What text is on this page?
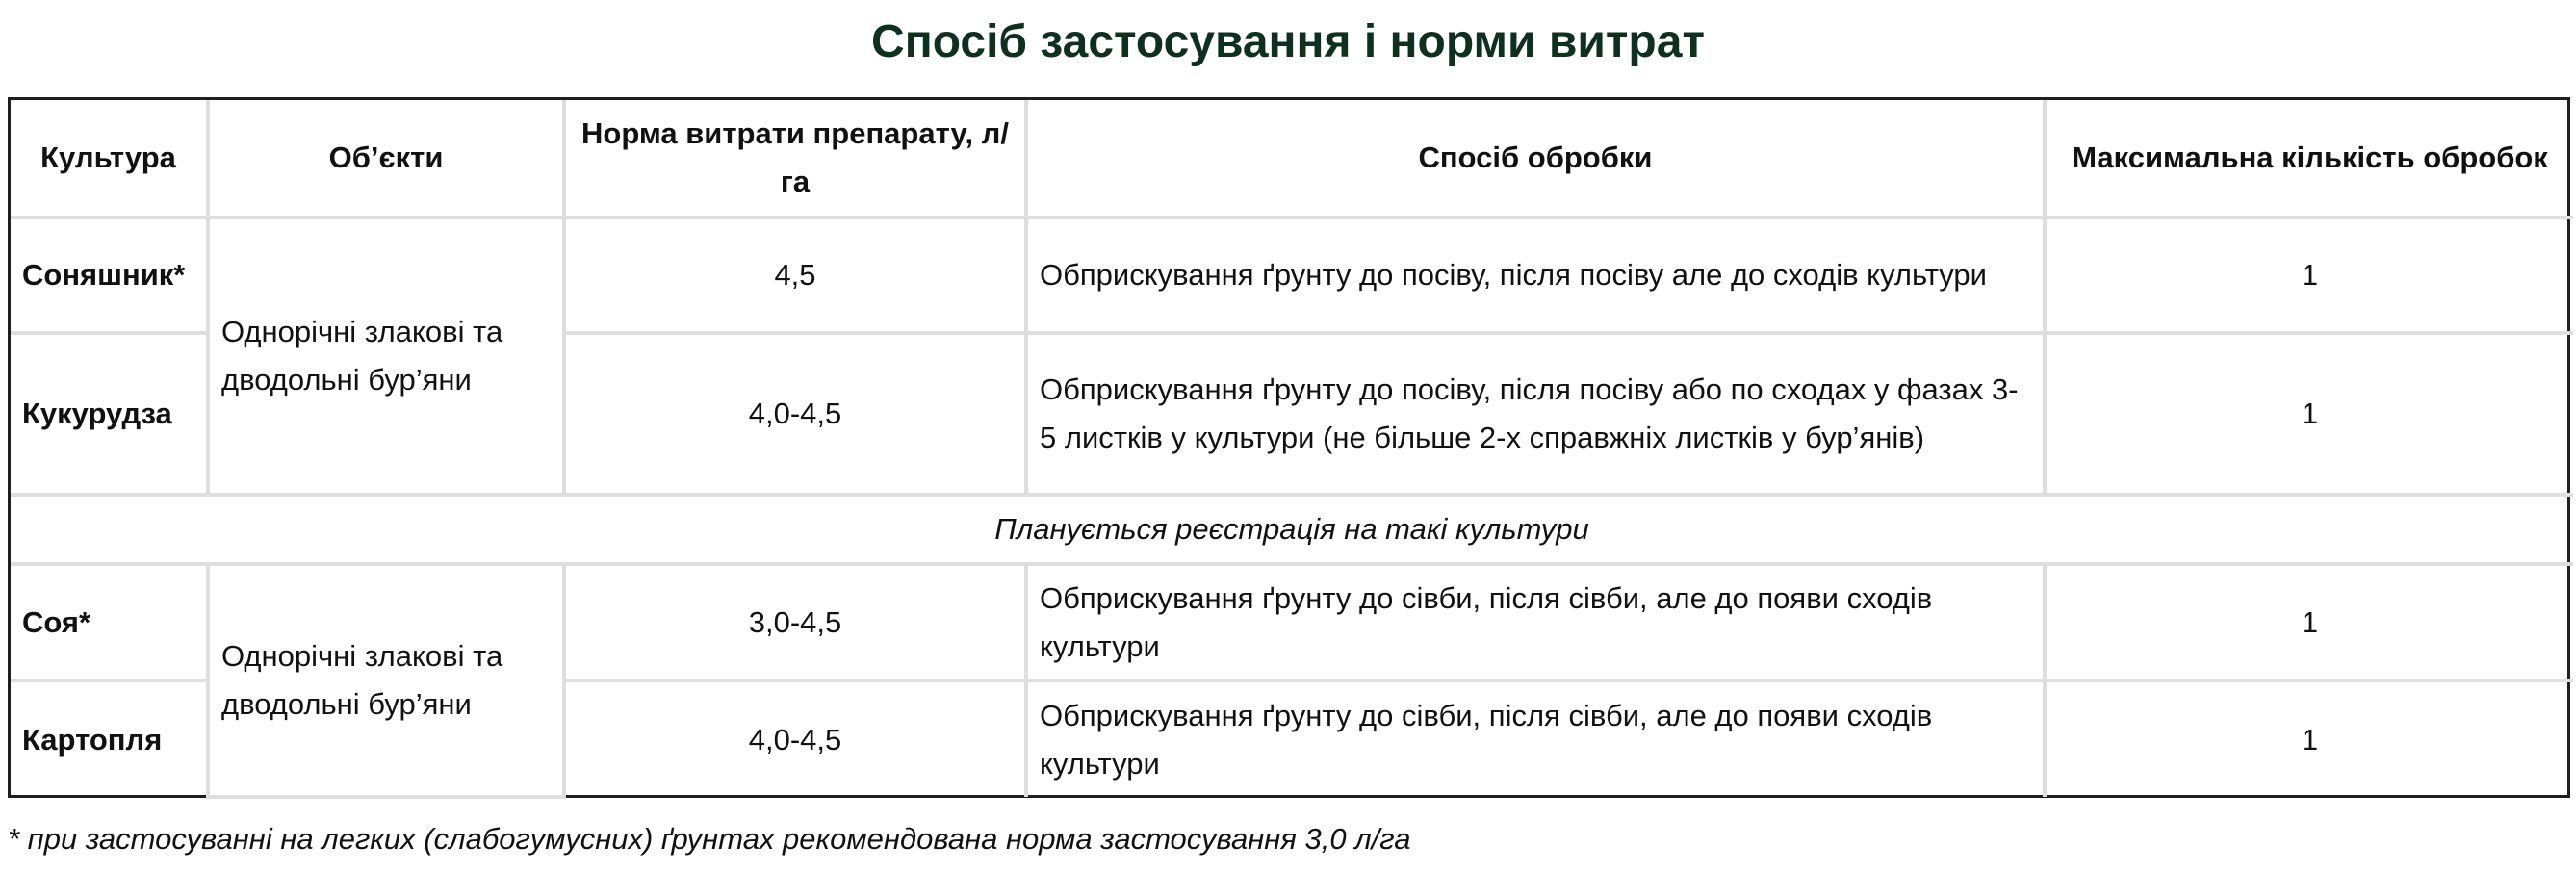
Спосіб застосування і норми витрат
Культура	Об’єкти	Норма витрати препарату, л/га	Спосіб обробки	Максимальна кількість обробок
Соняшник*	Однорічні злакові та дводольні бур’яни	4,5	Обприскування ґрунту до посіву, після посіву але до сходів культури	1
Кукурудза		4,0-4,5	Обприскування ґрунту до посіву, після посіву або по сходах у фазах 3-5 листків у культури (не більше 2-х справжніх листків у бур’янів)	1
Планується реєстрація на такі культури				
Соя*	Однорічні злакові та дводольні бур’яни	3,0-4,5	Обприскування ґрунту до сівби, після сівби, але до появи сходів культури	1
Картопля		4,0-4,5	Обприскування ґрунту до сівби, після сівби, але до появи сходів культури	1

* при застосуванні на легких (слабогумусних) ґрунтах рекомендована норма застосування 3,0 л/га
